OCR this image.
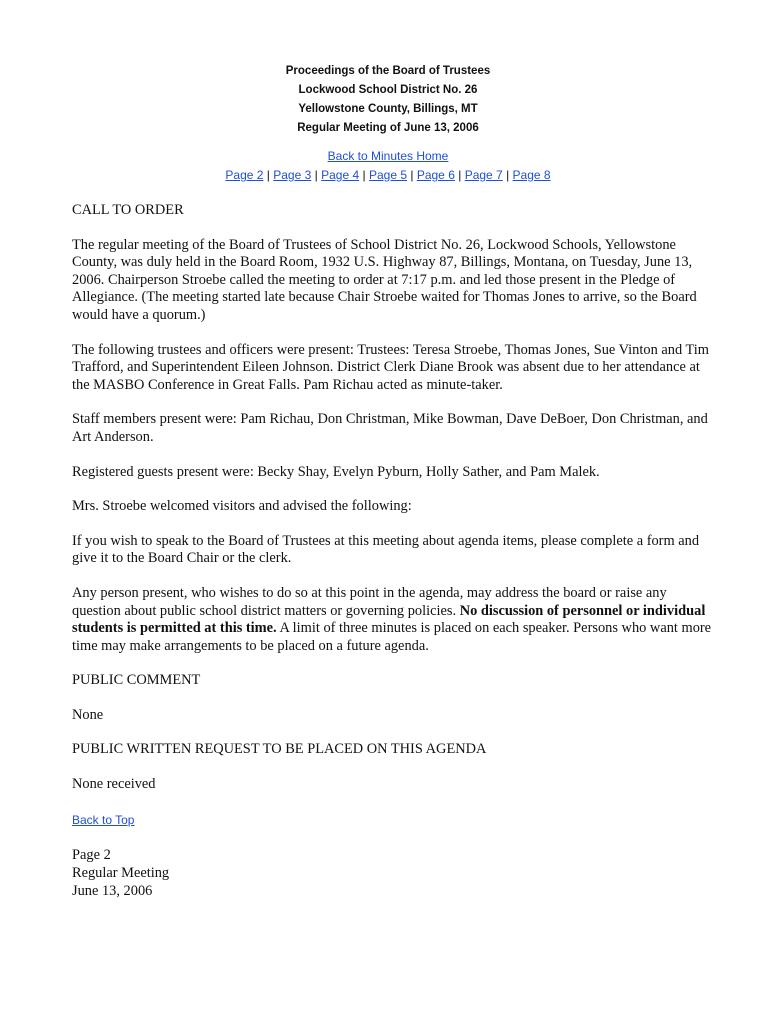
Proceedings of the Board of Trustees
Lockwood School District No. 26
Yellowstone County, Billings, MT
Regular Meeting of June 13, 2006
Back to Minutes Home
Page 2 | Page 3 | Page 4 | Page 5 | Page 6 | Page 7 | Page 8

CALL TO ORDER

The regular meeting of the Board of Trustees of School District No. 26, Lockwood Schools, Yellowstone County, was duly held in the Board Room, 1932 U.S. Highway 87, Billings, Montana, on Tuesday, June 13, 2006. Chairperson Stroebe called the meeting to order at 7:17 p.m. and led those present in the Pledge of Allegiance. (The meeting started late because Chair Stroebe waited for Thomas Jones to arrive, so the Board would have a quorum.)

The following trustees and officers were present: Trustees: Teresa Stroebe, Thomas Jones, Sue Vinton and Tim Trafford, and Superintendent Eileen Johnson. District Clerk Diane Brook was absent due to her attendance at the MASBO Conference in Great Falls. Pam Richau acted as minute-taker.

Staff members present were: Pam Richau, Don Christman, Mike Bowman, Dave DeBoer, Don Christman, and Art Anderson.

Registered guests present were: Becky Shay, Evelyn Pyburn, Holly Sather, and Pam Malek.

Mrs. Stroebe welcomed visitors and advised the following:

If you wish to speak to the Board of Trustees at this meeting about agenda items, please complete a form and give it to the Board Chair or the clerk.

Any person present, who wishes to do so at this point in the agenda, may address the board or raise any question about public school district matters or governing policies. No discussion of personnel or individual students is permitted at this time. A limit of three minutes is placed on each speaker. Persons who want more time may make arrangements to be placed on a future agenda.

PUBLIC COMMENT

None

PUBLIC WRITTEN REQUEST TO BE PLACED ON THIS AGENDA

None received

Back to Top
Page 2
Regular Meeting
June 13, 2006
